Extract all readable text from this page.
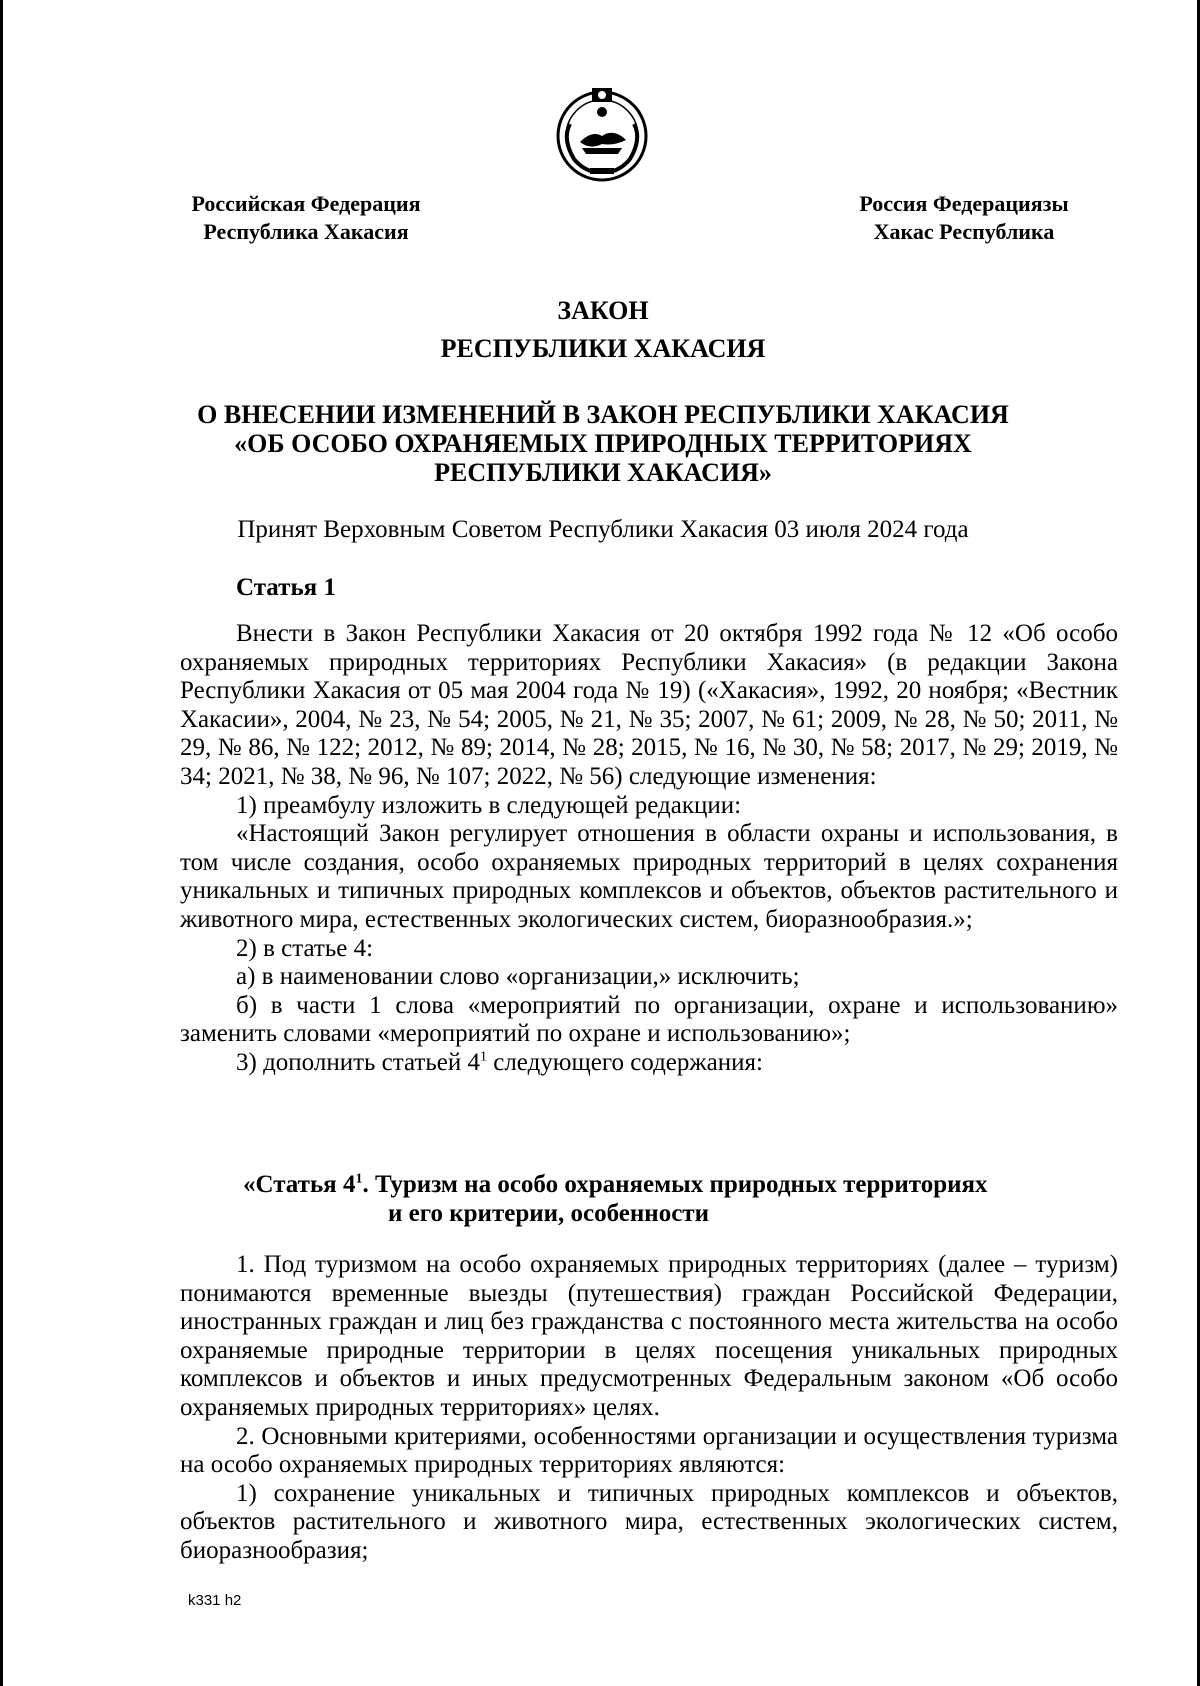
Российская Федерация
Республика Хакасия
Россия Федерациязы
Хакас Республика
ЗАКОН
РЕСПУБЛИКИ ХАКАСИЯ
О ВНЕСЕНИИ ИЗМЕНЕНИЙ В ЗАКОН РЕСПУБЛИКИ ХАКАСИЯ
«ОБ ОСОБО ОХРАНЯЕМЫХ ПРИРОДНЫХ ТЕРРИТОРИЯХ
РЕСПУБЛИКИ ХАКАСИЯ»
Принят Верховным Советом Республики Хакасия 03 июля 2024 года
Статья 1

Внести в Закон Республики Хакасия от 20 октября 1992 года № 12 «Об особо охраняемых природных территориях Республики Хакасия» (в редакции Закона Республики Хакасия от 05 мая 2004 года № 19) («Хакасия», 1992, 20 ноября; «Вестник Хакасии», 2004, № 23, № 54; 2005, № 21, № 35; 2007, № 61; 2009, № 28, № 50; 2011, № 29, № 86, № 122; 2012, № 89; 2014, № 28; 2015, № 16, № 30, № 58; 2017, № 29; 2019, № 34; 2021, № 38, № 96, № 107; 2022, № 56) следующие изменения:

1) преамбулу изложить в следующей редакции:

«Настоящий Закон регулирует отношения в области охраны и использования, в том числе создания, особо охраняемых природных территорий в целях сохранения уникальных и типичных природных комплексов и объектов, объектов растительного и животного мира, естественных экологических систем, биоразнообразия.»;

2) в статье 4:

а) в наименовании слово «организации,» исключить;

б) в части 1 слова «мероприятий по организации, охране и использованию» заменить словами «мероприятий по охране и использованию»;

3) дополнить статьей $4^1$ следующего содержания:

«Статья $4^1$. Туризм на особо охраняемых природных территориях
и его критерии, особенности

1. Под туризмом на особо охраняемых природных территориях (далее – туризм) понимаются временные выезды (путешествия) граждан Российской Федерации, иностранных граждан и лиц без гражданства с постоянного места жительства на особо охраняемые природные территории в целях посещения уникальных природных комплексов и объектов и иных предусмотренных Федеральным законом «Об особо охраняемых природных территориях» целях.

2. Основными критериями, особенностями организации и осуществления туризма на особо охраняемых природных территориях являются:

1) сохранение уникальных и типичных природных комплексов и объектов, объектов растительного и животного мира, естественных экологических систем, биоразнообразия;

k331 h2
